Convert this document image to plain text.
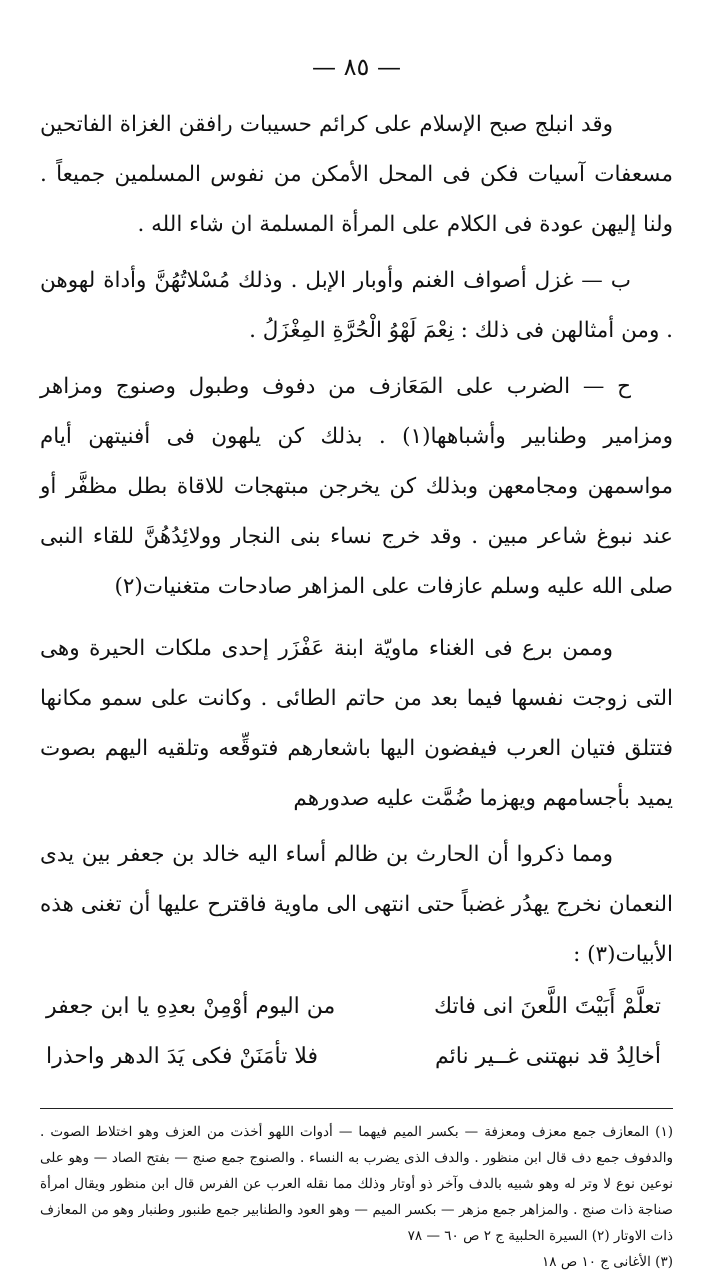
— ٨٥ —

وقد انبلج صبح الإسلام على كرائم حسيبات رافقن الغزاة الفاتحين مسعفات آسيات فكن فى المحل الأمكن من نفوس المسلمين جميعاً . ولنا إليهن عودة فى الكلام على المرأة المسلمة ان شاء الله .

ب — غزل أصواف الغنم وأوبار الإبل . وذلك مُسْلاتُهُنَّ وأداة لهوهن . ومن أمثالهن فى ذلك : نِعْمَ لَهْوُ الْحُرَّةِ المِغْزَلُ .

ح — الضرب على المَعَازف من دفوف وطبول وصنوج ومزاهر ومزامير وطنابير وأشباهها(١) . بذلك كن يلهون فى أفنيتهن أيام مواسمهن ومجامعهن وبذلك كن يخرجن مبتهجات للاقاة بطل مظفَّر أو عند نبوغ شاعر مبين . وقد خرج نساء بنى النجار وولائِدُهُنَّ للقاء النبى صلى الله عليه وسلم عازفات على المزاهر صادحات متغنيات(٢)

وممن برع فى الغناء ماويّة ابنة عَفْزَر إحدى ملكات الحيرة وهى التى زوجت نفسها فيما بعد من حاتم الطائى . وكانت على سمو مكانها فتتلق فتيان العرب فيفضون اليها باشعارهم فتوقِّعه وتلقيه اليهم بصوت يميد بأجسامهم ويهزما ضُمَّت عليه صدورهم

ومما ذكروا أن الحارث بن ظالم أساء اليه خالد بن جعفر بين يدى النعمان نخرج يهدُر غضباً حتى انتهى الى ماوية فاقترح عليها أن تغنى هذه الأبيات(٣) :

تعلَّمْ أَبَيْتَ اللَّعنَ انى فاتك
من اليوم أوْمِنْ بعدِهِ يا ابن جعفر
أخالِدُ قد نبهتنى غــير نائم
فلا تأمَنَنْ فكى يَدَ الدهر واحذرا

(١) المعازف جمع معزف ومعزفة — بكسر الميم فيهما — أدوات اللهو أخذت من العزف وهو اختلاط الصوت . والدفوف جمع دف قال ابن منظور . والدف الذى يضرب به النساء . والصنوج جمع صنج — بفتح الصاد — وهو على نوعين نوع لا وتر له وهو شبيه بالدف وآخر ذو أوتار وذلك مما نقله العرب عن الفرس قال ابن منظور ويقال امرأة صناجة ذات صنج . والمزاهر جمع مزهر — بكسر الميم — وهو العود والطنابير جمع طنبور وطنبار وهو من المعازف ذات الاوتار (٢) السيرة الحلبية ج ٢ ص ٦٠ — ٧٨

(٣) الأغانى ج ١٠ ص ١٨
